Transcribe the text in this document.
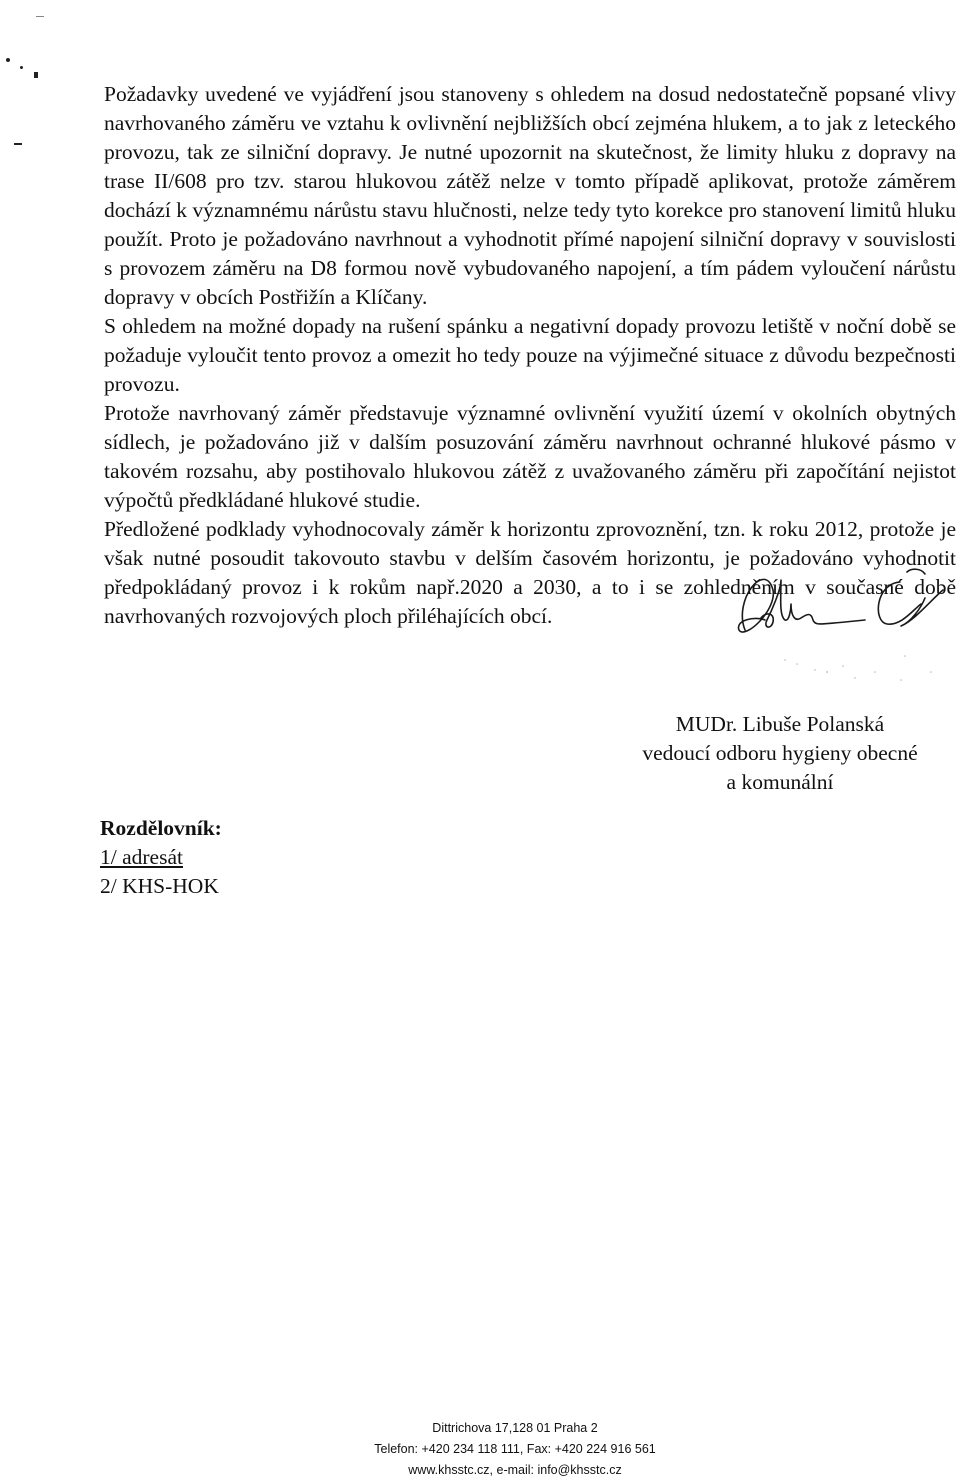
Požadavky uvedené ve vyjádření jsou stanoveny s ohledem na dosud nedostatečně popsané vlivy navrhovaného záměru ve vztahu k ovlivnění nejbližších obcí zejména hlukem, a to jak z leteckého provozu, tak ze silniční dopravy. Je nutné upozornit na skutečnost, že limity hluku z dopravy na trase II/608 pro tzv. starou hlukovou zátěž nelze v tomto případě aplikovat, protože záměrem dochází k významnému nárůstu stavu hlučnosti, nelze tedy tyto korekce pro stanovení limitů hluku použít. Proto je požadováno navrhnout a vyhodnotit přímé napojení silniční dopravy v souvislosti s provozem záměru na D8 formou nově vybudovaného napojení, a tím pádem vyloučení nárůstu dopravy v obcích Postřižín a Klíčany.

S ohledem na možné dopady na rušení spánku a negativní dopady provozu letiště v noční době se požaduje vyloučit tento provoz a omezit ho tedy pouze na výjimečné situace z důvodu bezpečnosti provozu.

Protože navrhovaný záměr představuje významné ovlivnění využití území v okolních obytných sídlech, je požadováno již v dalším posuzování záměru navrhnout ochranné hlukové pásmo v takovém rozsahu, aby postihovalo hlukovou zátěž z uvažovaného záměru při započítání nejistot výpočtů předkládané hlukové studie.

Předložené podklady vyhodnocovaly záměr k horizontu zprovoznění, tzn. k roku 2012, protože je však nutné posoudit takovouto stavbu v delším časovém horizontu, je požadováno vyhodnotit předpokládaný provoz i k rokům např.2020 a 2030, a to i se zohledněním v současné době navrhovaných rozvojových ploch přiléhajících obcí.

MUDr. Libuše Polanská
vedoucí odboru hygieny obecné
a komunální
Rozdělovník:
1/ adresát
2/ KHS-HOK
Dittrichova 17,128 01 Praha 2
Telefon: +420 234 118 111, Fax: +420 224 916 561
www.khsstc.cz, e-mail: info@khsstc.cz
